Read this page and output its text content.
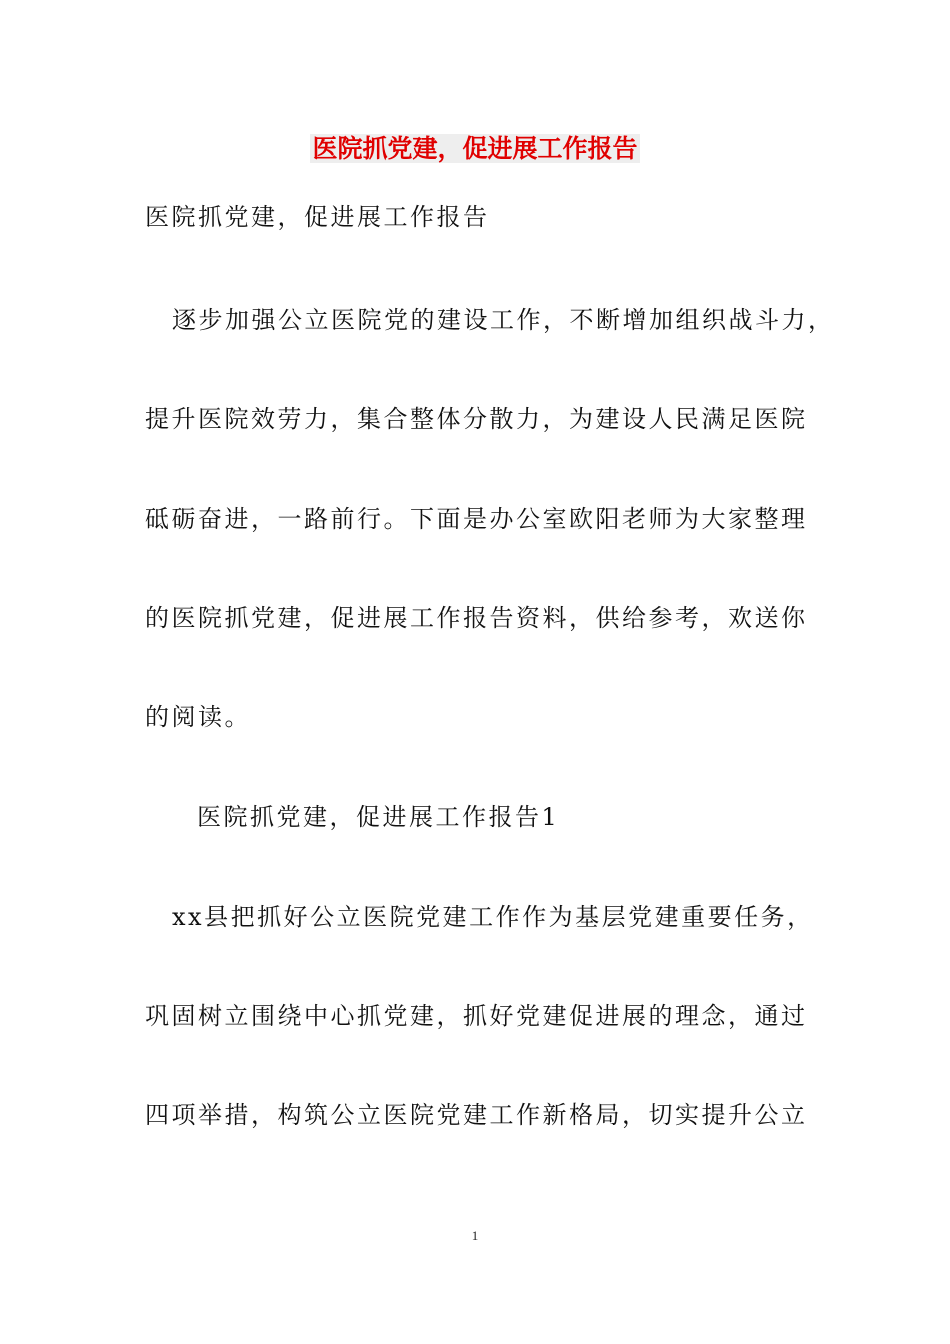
医院抓党建，促进展工作报告
医院抓党建，促进展工作报告
逐步加强公立医院党的建设工作，不断增加组织战斗力，
提升医院效劳力，集合整体分散力，为建设人民满足医院
砥砺奋进，一路前行。下面是办公室欧阳老师为大家整理
的医院抓党建，促进展工作报告资料，供给参考，欢送你
的阅读。
医院抓党建，促进展工作报告1
xx县把抓好公立医院党建工作作为基层党建重要任务，
巩固树立围绕中心抓党建，抓好党建促进展的理念，通过
四项举措，构筑公立医院党建工作新格局，切实提升公立
1
